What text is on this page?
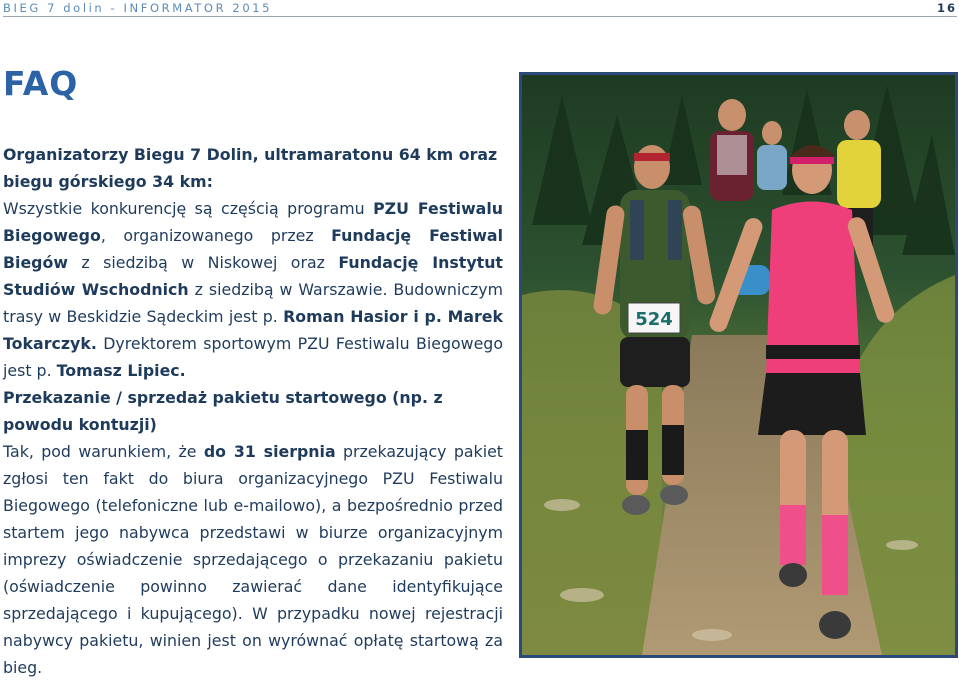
BIEG 7 dolin - INFORMATOR 2015	16
FAQ

Organizatorzy Biegu 7 Dolin, ultramaratonu 64 km oraz biegu górskiego 34 km:

Wszystkie konkurencję są częścią programu PZU Festiwalu Biegowego, organizowanego przez Fundację Festiwal Biegów z siedzibą w Niskowej oraz Fundację Instytut Studiów Wschodnich z siedzibą w Warszawie. Budowniczym trasy w Beskidzie Sądeckim jest p. Roman Hasior i p. Marek Tokarczyk. Dyrektorem sportowym PZU Festiwalu Biegowego jest p. Tomasz Lipiec.

Przekazanie / sprzedaż pakietu startowego (np. z powodu kontuzji)

Tak, pod warunkiem, że do 31 sierpnia przekazujący pakiet zgłosi ten fakt do biura organizacyjnego PZU Festiwalu Biegowego (telefoniczne lub e-mailowo), a bezpośrednio przed startem jego nabywca przedstawi w biurze organizacyjnym imprezy oświadczenie sprzedającego o przekazaniu pakietu (oświadczenie powinno zawierać dane identyfikujące sprzedającego i kupującego). W przypadku nowej rejestracji nabywcy pakietu, winien jest on wyrównać opłatę startową za bieg.

524
